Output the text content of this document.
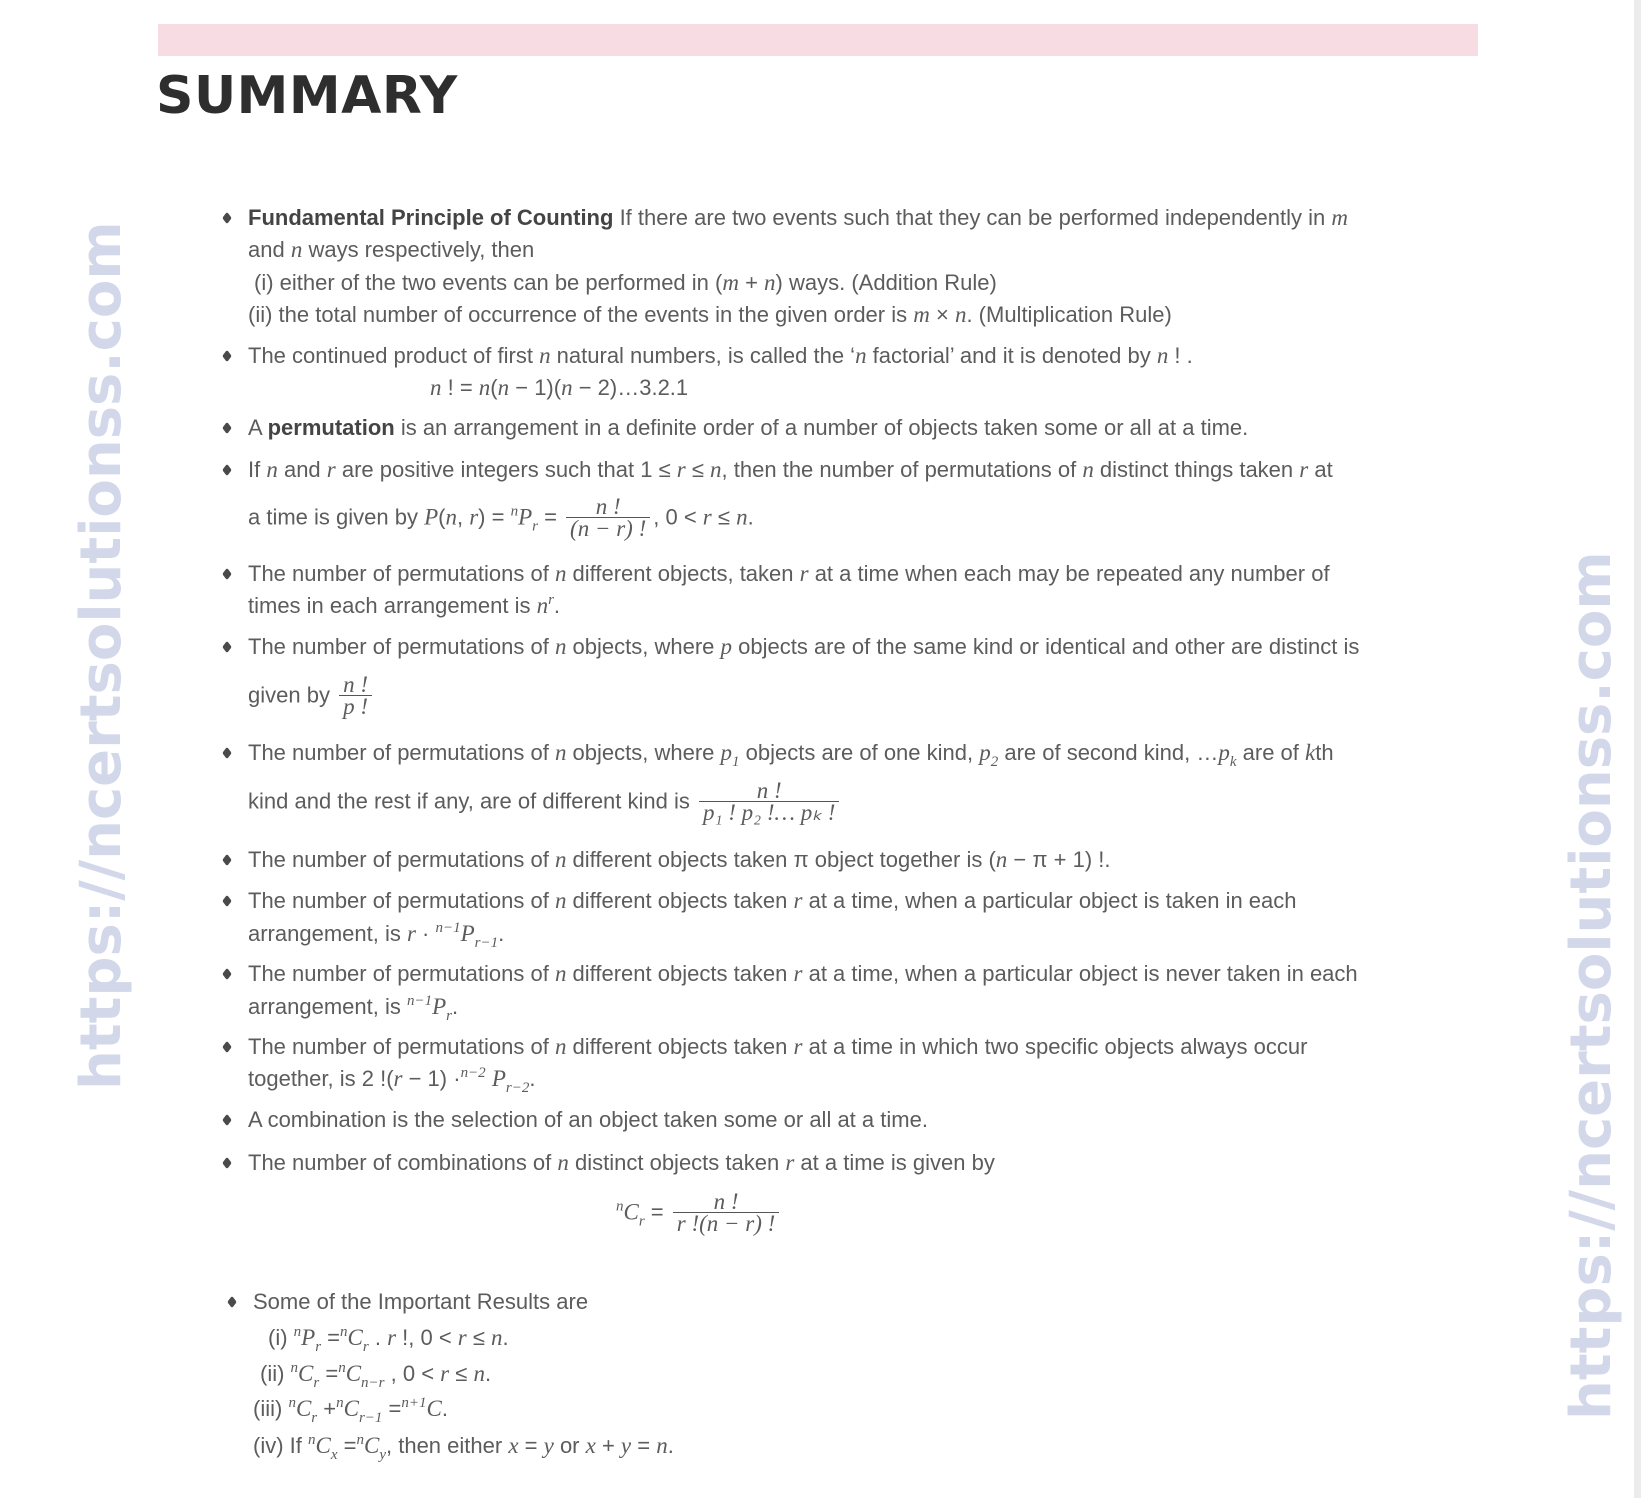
SUMMARY
https://ncertsolutionss.com	https://ncertsolutionss.com
Fundamental Principle of Counting If there are two events such that they can be performed independently in m
and n ways respectively, then
(i) either of the two events can be performed in (m + n) ways. (Addition Rule)
(ii) the total number of occurrence of the events in the given order is m × n. (Multiplication Rule)
The continued product of first n natural numbers, is called the ‘n factorial’ and it is denoted by n ! .
n ! = n(n − 1)(n − 2)…3.2.1
A permutation is an arrangement in a definite order of a number of objects taken some or all at a time.
If n and r are positive integers such that 1 ≤ r ≤ n, then the number of permutations of n distinct things taken r at
a time is given by P(n, $r) = ^nP_r = \frac{n !}{(n - r) !}$ , 0 < r ≤ n.
The number of permutations of n different objects, taken r at a time when each may be repeated any number of
times in each arrangement is $n^r$.
The number of permutations of n objects, where p objects are of the same kind or identical and other are distinct is
given by $\frac{n !}{p !}$
The number of permutations of n objects, where $p_1$ objects are of one kind, $p_2$ are of second kind, $\dots p_k$ are of kth
kind and the rest if any, are of different kind is $\frac{n !}{\text{p₁ ! p₂ !… pₖ !}}$
The number of permutations of n different objects taken π object together is (n − π + 1) !.
The number of permutations of n different objects taken r at a time, when a particular object is taken in each
arrangement, is $r \cdot ^{n-1}P_{r-1}$.
The number of permutations of n different objects taken r at a time, when a particular object is never taken in each
arrangement, is $^{n-1}P_r$.
The number of permutations of n different objects taken r at a time in which two specific objects always occur
together, is 2 !(r − 1) ·$^{n-2}$ $P_{r-2}$.
A combination is the selection of an object taken some or all at a time.
The number of combinations of n distinct objects taken r at a time is given by
$^nC_r = \frac{n !}{r !(n - r) !}$
Some of the Important Results are
(i) $^nP_r =^nC_r$ . r !, 0 < r ≤ n.
(ii) $^nC_r =^nC_{n-r}$ , 0 < r ≤ n.
(iii) $^nC_r +^nC_{r-1} =^{n+1}C$.
(iv) If $^nC_x =^nC_y$, then either x = y or x + y = n.
